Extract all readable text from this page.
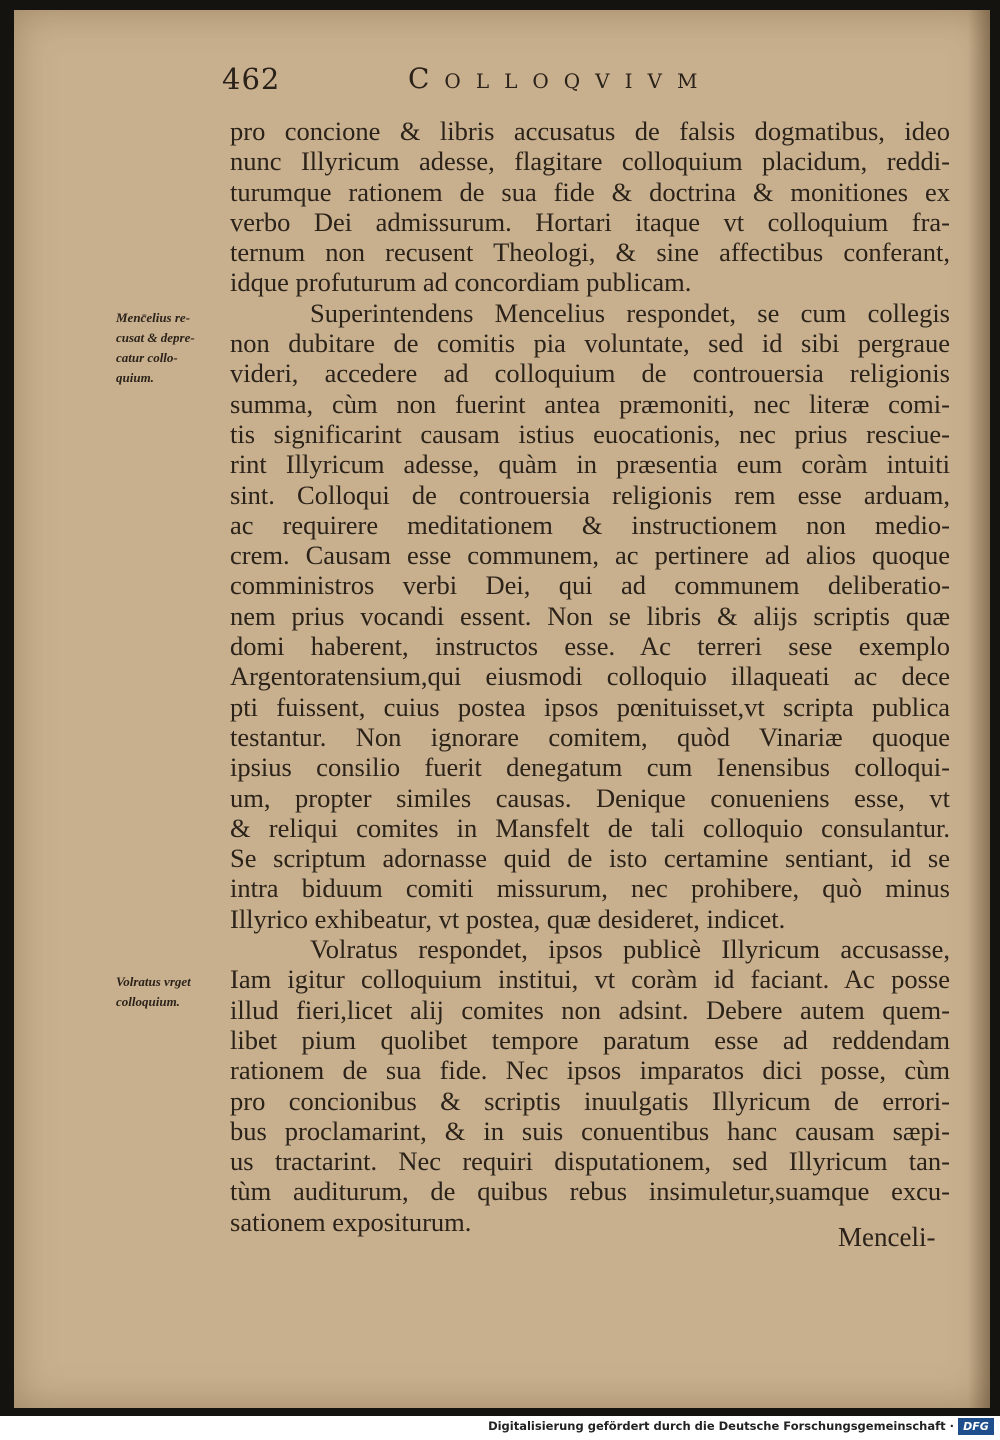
462	Colloqvivm
Menc̄elius re-
cusat & depre-
catur collo-
quium.
Volratus vrget
colloquium.
pro concione & libris accusatus de falsis dogmatibus, ideo
nunc Illyricum adesse, flagitare colloquium placidum, reddi-
turumque rationem de sua fide & doctrina & monitiones ex
verbo Dei admissurum. Hortari itaque vt colloquium fra-
ternum non recusent Theologi, & sine affectibus conferant,
idque profuturum ad concordiam publicam.
Superintendens Mencelius respondet, se cum collegis
non dubitare de comitis pia voluntate, sed id sibi pergraue
videri, accedere ad colloquium de controuersia religionis
summa, cùm non fuerint antea præmoniti, nec literæ comi-
tis significarint causam istius euocationis, nec prius resciue-
rint Illyricum adesse, quàm in præsentia eum coràm intuiti
sint. Colloqui de controuersia religionis rem esse arduam,
ac requirere meditationem & instructionem non medio-
crem. Causam esse communem, ac pertinere ad alios quoque
comministros verbi Dei, qui ad communem deliberatio-
nem prius vocandi essent. Non se libris & alijs scriptis quæ
domi haberent, instructos esse. Ac terreri sese exemplo
Argentoratensium,qui eiusmodi colloquio illaqueati ac dece
pti fuissent, cuius postea ipsos pœnituisset,vt scripta publica
testantur. Non ignorare comitem, quòd Vinariæ quoque
ipsius consilio fuerit denegatum cum Ienensibus colloqui-
um, propter similes causas. Denique conueniens esse, vt
& reliqui comites in Mansfelt de tali colloquio consulantur.
Se scriptum adornasse quid de isto certamine sentiant, id se
intra biduum comiti missurum, nec prohibere, quò minus
Illyrico exhibeatur, vt postea, quæ desideret, indicet.
Volratus respondet, ipsos publicè Illyricum accusasse,
Iam igitur colloquium institui, vt coràm id faciant. Ac posse
illud fieri,licet alij comites non adsint. Debere autem quem-
libet pium quolibet tempore paratum esse ad reddendam
rationem de sua fide. Nec ipsos imparatos dici posse, cùm
pro concionibus & scriptis inuulgatis Illyricum de errori-
bus proclamarint, & in suis conuentibus hanc causam sæpi-
us tractarint. Nec requiri disputationem, sed Illyricum tan-
tùm auditurum, de quibus rebus insimuletur,suamque excu-
sationem expositurum.
Menceli-
Digitalisierung gefördert durch die Deutsche Forschungsgemeinschaft · DFG
